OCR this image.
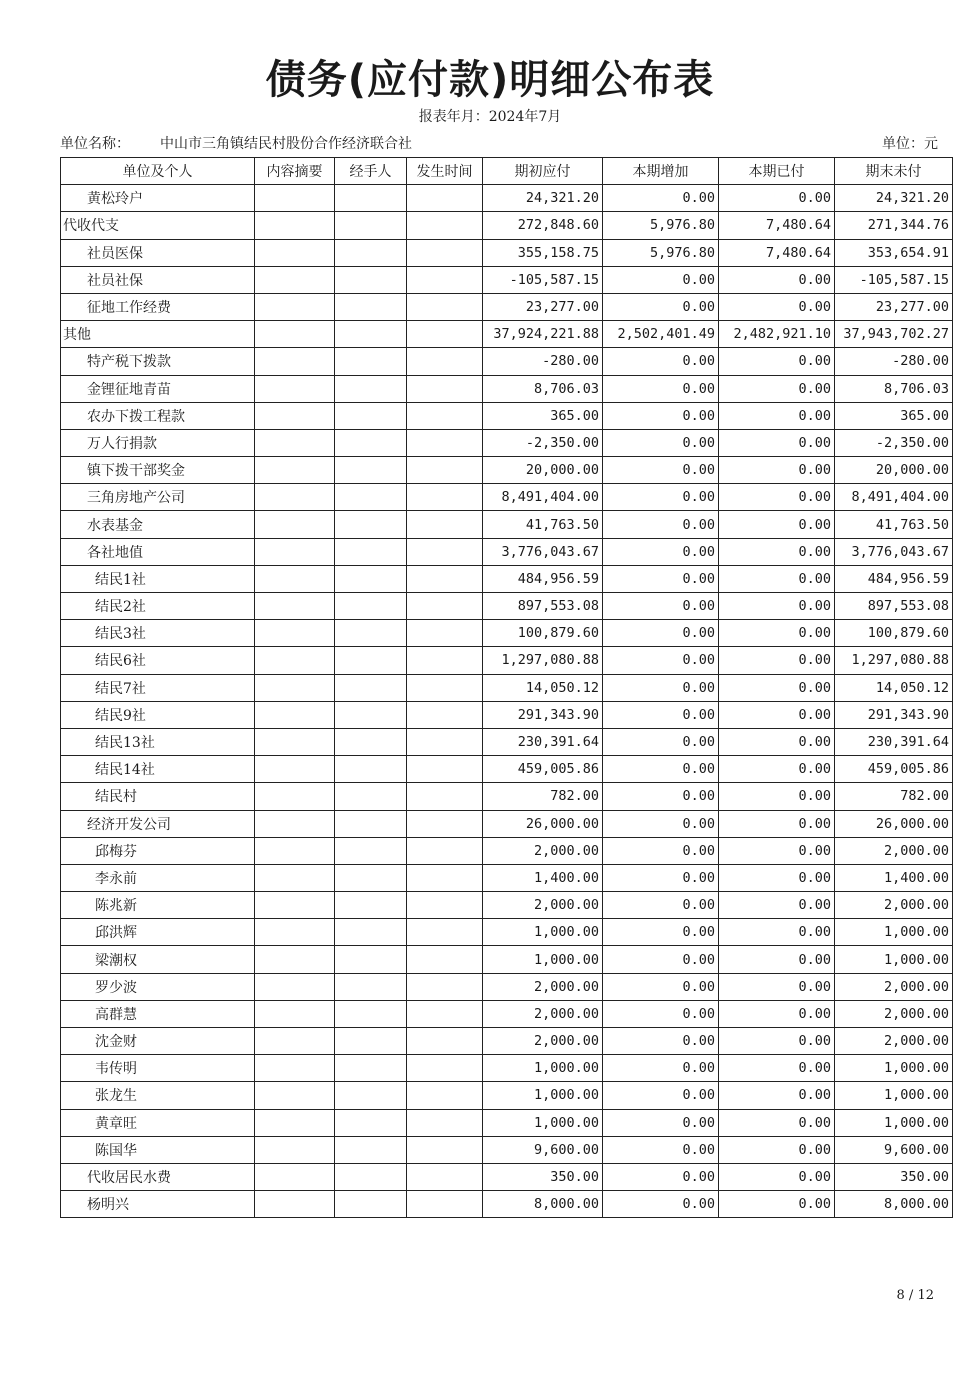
债务(应付款)明细公布表
报表年月：2024年7月
单位名称： 中山市三角镇结民村股份合作经济联合社	单位：元
单位及个人	内容摘要	经手人	发生时间	期初应付	本期增加	本期已付	期末未付
黄松玲户				24,321.20	0.00	0.00	24,321.20
代收代支				272,848.60	5,976.80	7,480.64	271,344.76
社员医保				355,158.75	5,976.80	7,480.64	353,654.91
社员社保				-105,587.15	0.00	0.00	-105,587.15
征地工作经费				23,277.00	0.00	0.00	23,277.00
其他				37,924,221.88	2,502,401.49	2,482,921.10	37,943,702.27
特产税下拨款				-280.00	0.00	0.00	-280.00
金锂征地青苗				8,706.03	0.00	0.00	8,706.03
农办下拨工程款				365.00	0.00	0.00	365.00
万人行捐款				-2,350.00	0.00	0.00	-2,350.00
镇下拨干部奖金				20,000.00	0.00	0.00	20,000.00
三角房地产公司				8,491,404.00	0.00	0.00	8,491,404.00
水表基金				41,763.50	0.00	0.00	41,763.50
各社地值				3,776,043.67	0.00	0.00	3,776,043.67
结民1社				484,956.59	0.00	0.00	484,956.59
结民2社				897,553.08	0.00	0.00	897,553.08
结民3社				100,879.60	0.00	0.00	100,879.60
结民6社				1,297,080.88	0.00	0.00	1,297,080.88
结民7社				14,050.12	0.00	0.00	14,050.12
结民9社				291,343.90	0.00	0.00	291,343.90
结民13社				230,391.64	0.00	0.00	230,391.64
结民14社				459,005.86	0.00	0.00	459,005.86
结民村				782.00	0.00	0.00	782.00
经济开发公司				26,000.00	0.00	0.00	26,000.00
邱梅芬				2,000.00	0.00	0.00	2,000.00
李永前				1,400.00	0.00	0.00	1,400.00
陈兆新				2,000.00	0.00	0.00	2,000.00
邱洪辉				1,000.00	0.00	0.00	1,000.00
梁潮权				1,000.00	0.00	0.00	1,000.00
罗少波				2,000.00	0.00	0.00	2,000.00
高群慧				2,000.00	0.00	0.00	2,000.00
沈金财				2,000.00	0.00	0.00	2,000.00
韦传明				1,000.00	0.00	0.00	1,000.00
张龙生				1,000.00	0.00	0.00	1,000.00
黄章旺				1,000.00	0.00	0.00	1,000.00
陈国华				9,600.00	0.00	0.00	9,600.00
代收居民水费				350.00	0.00	0.00	350.00
杨明兴				8,000.00	0.00	0.00	8,000.00
8 / 12
